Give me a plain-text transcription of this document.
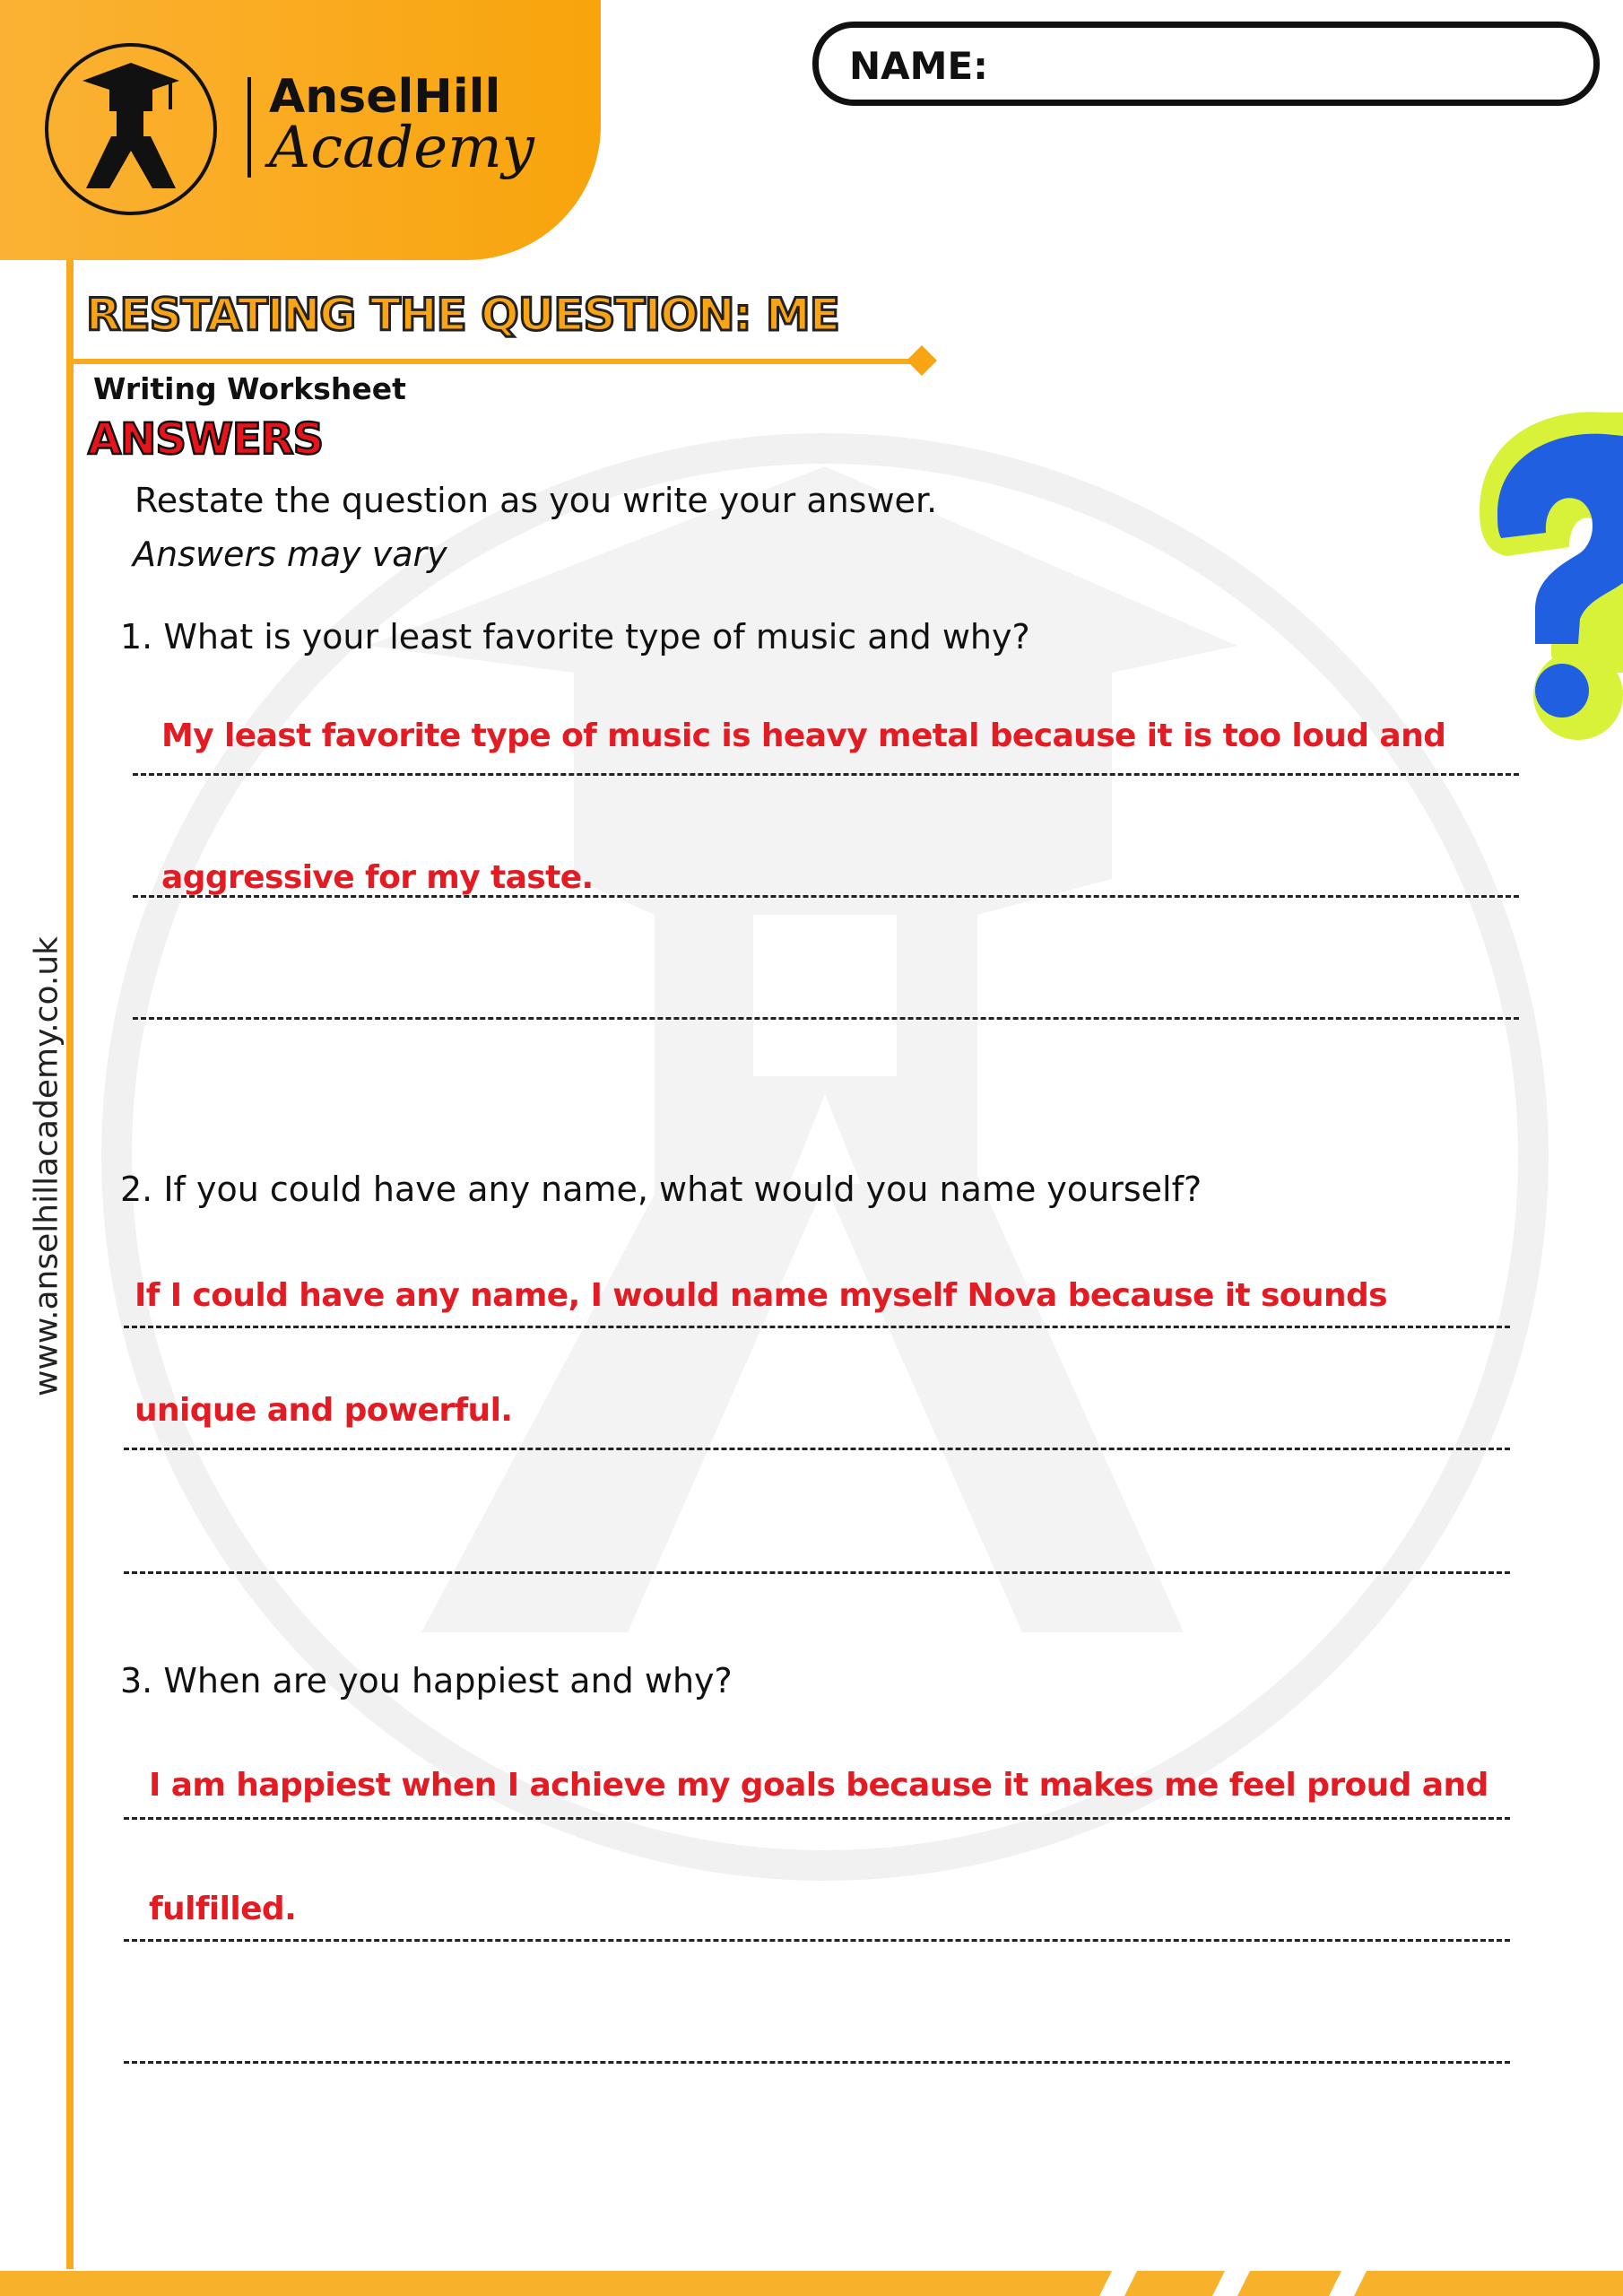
AnselHill
Academy
NAME:
www.anselhillacademy.co.uk
RESTATING THE QUESTION: ME
Writing Worksheet
ANSWERS
Restate the question as you write your answer.
Answers may vary
1. What is your least favorite type of music and why?
My least favorite type of music is heavy metal because it is too loud and
aggressive for my taste.
2. If you could have any name, what would you name yourself?
If I could have any name, I would name myself Nova because it sounds
unique and powerful.
3. When are you happiest and why?
I am happiest when I achieve my goals because it makes me feel proud and
fulfilled.
